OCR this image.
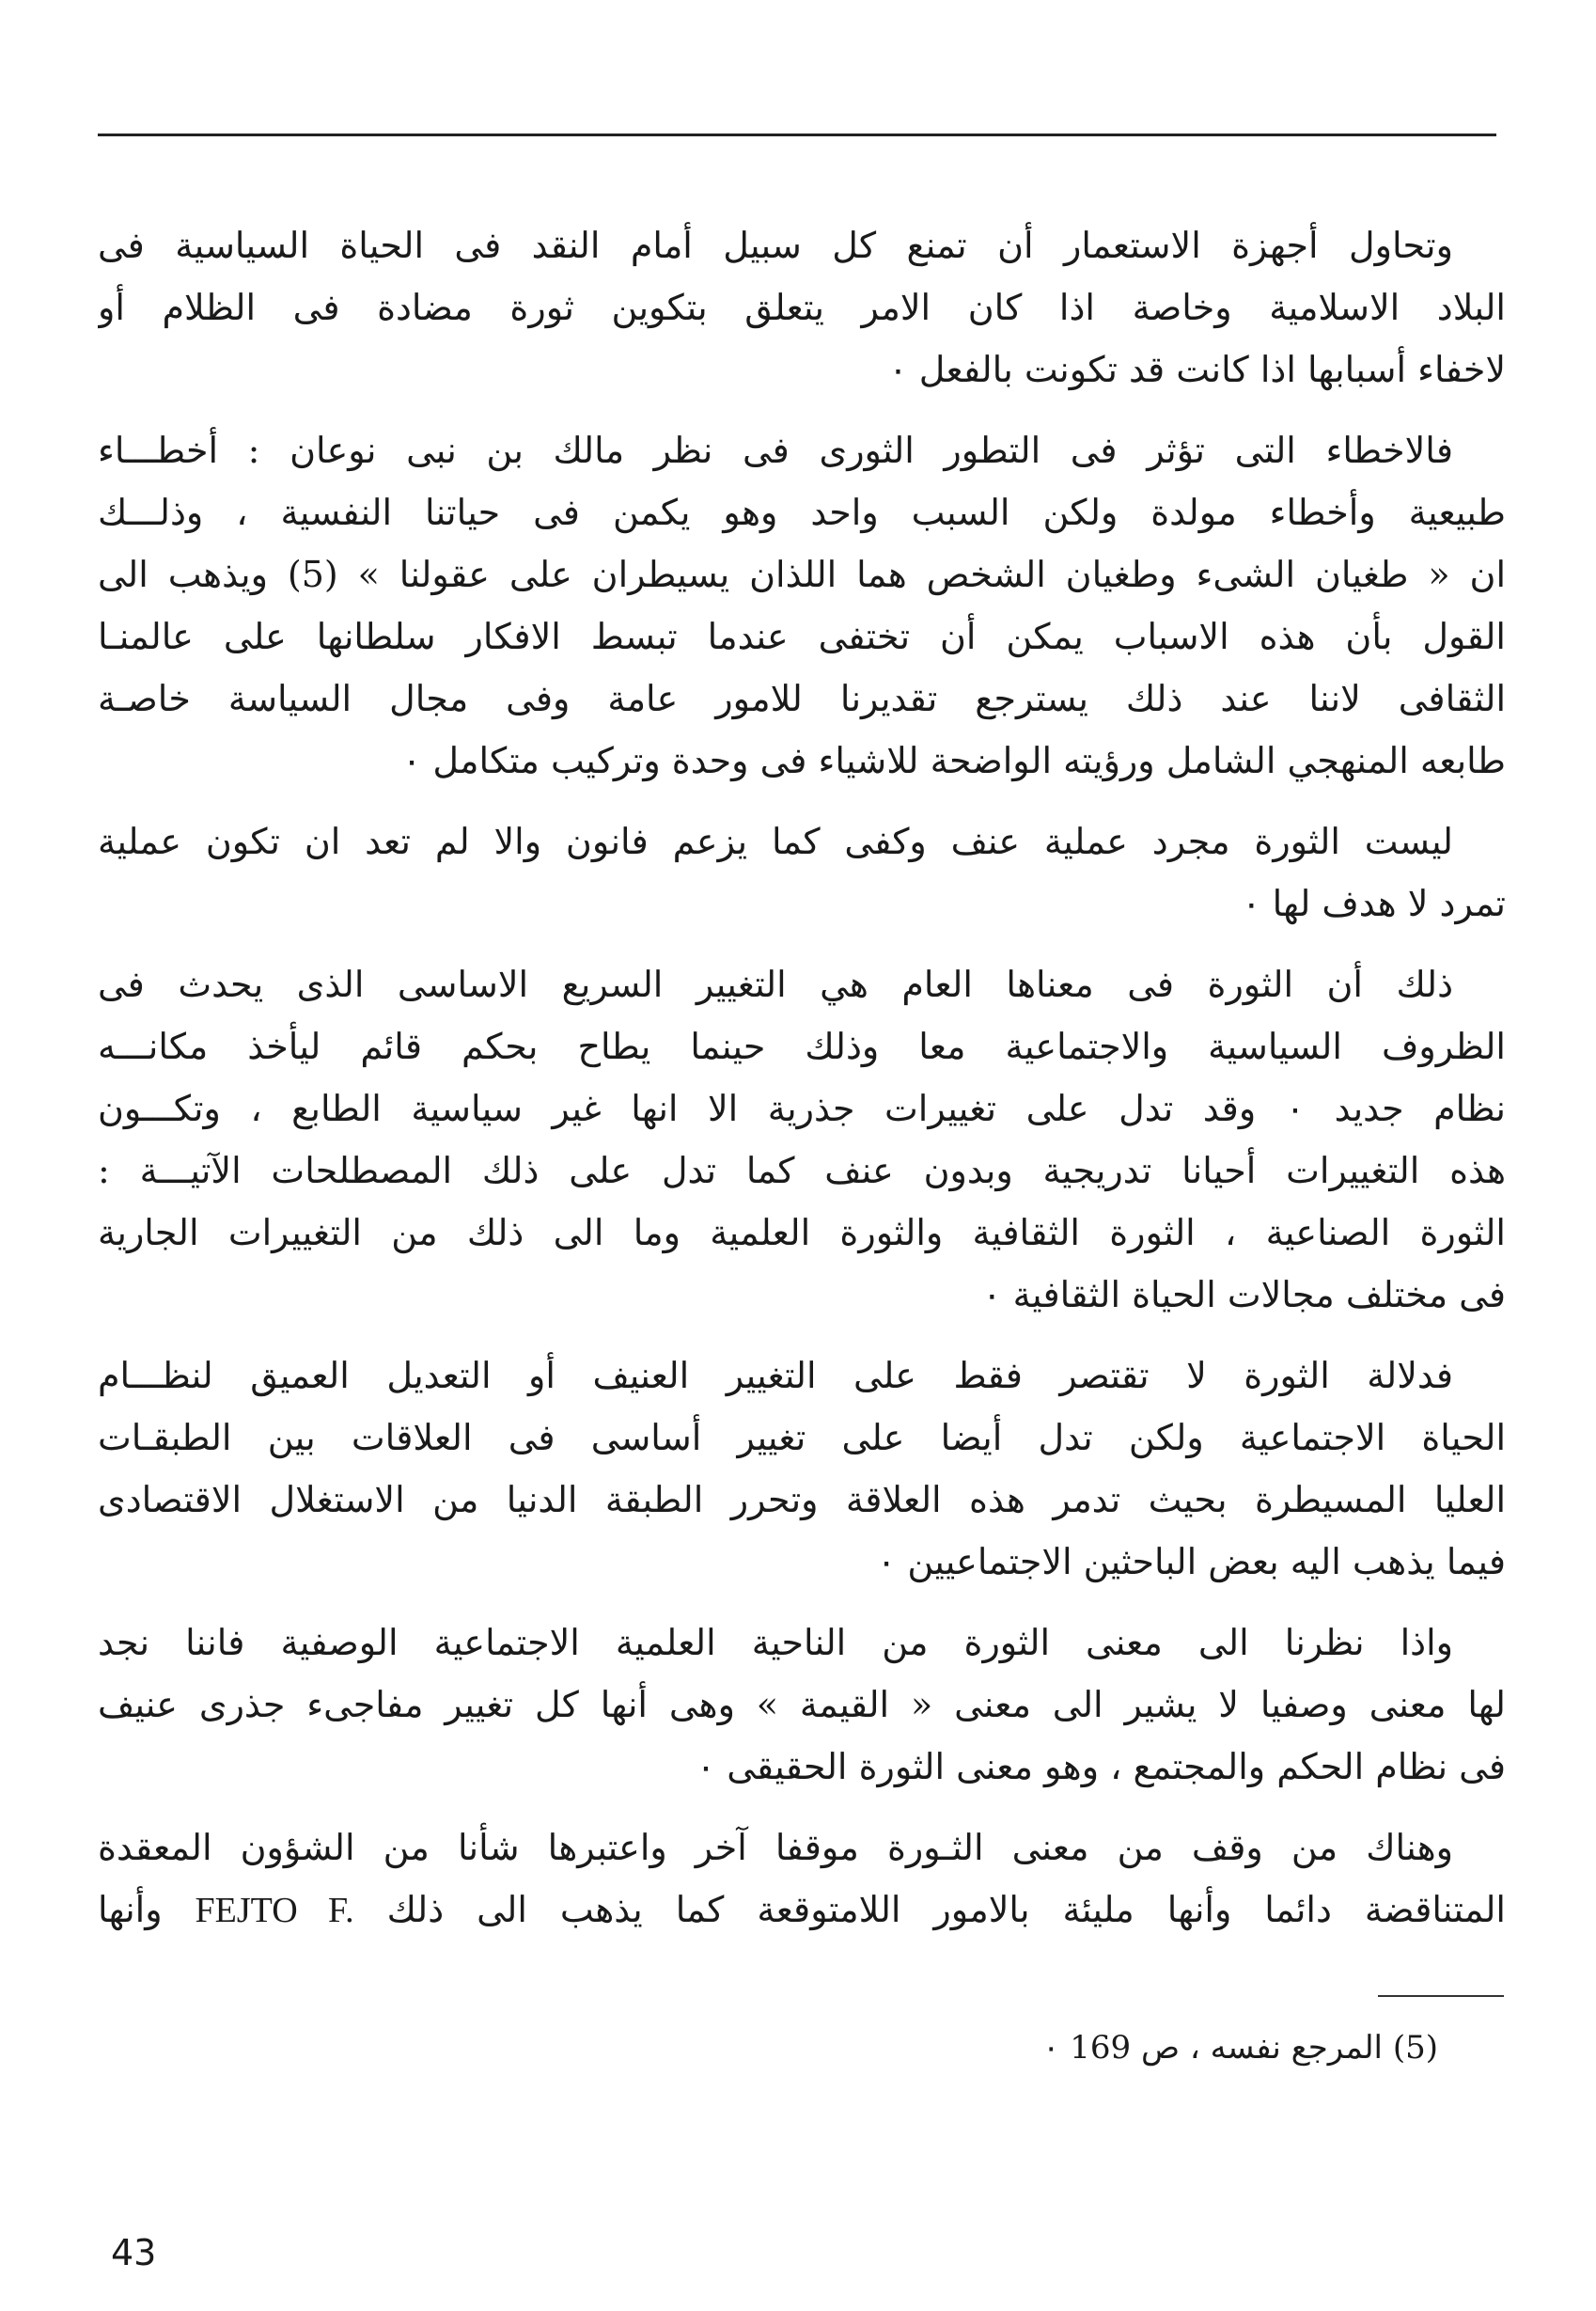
وتحاول أجهزة الاستعمار أن تمنع كل سبيل أمام النقد فى الحياة السياسية فى
البلاد الاسلامية وخاصة اذا كان الامر يتعلق بتكوين ثورة مضادة فى الظلام أو
لاخفاء أسبابها اذا كانت قد تكونت بالفعل ٠

فالاخطاء التى تؤثر فى التطور الثورى فى نظر مالك بن نبى نوعان : أخطـــاء
طبيعية وأخطاء مولدة ولكن السبب واحد وهو يكمن فى حياتنا النفسية ، وذلـــك
ان « طغيان الشىء وطغيان الشخص هما اللذان يسيطران على عقولنا » (5) ويذهب الى
القول بأن هذه الاسباب يمكن أن تختفى عندما تبسط الافكار سلطانها على عالمنـا
الثقافى لاننا عند ذلك يسترجع تقديرنا للامور عامة وفى مجال السياسة خاصـة
طابعه المنهجي الشامل ورؤيته الواضحة للاشياء فى وحدة وتركيب متكامل ٠

ليست الثورة مجرد عملية عنف وكفى كما يزعم فانون والا لم تعد ان تكون عملية
تمرد لا هدف لها ٠

ذلك أن الثورة فى معناها العام هي التغيير السريع الاساسى الذى يحدث فى
الظروف السياسية والاجتماعية معا وذلك حينما يطاح بحكم قائم ليأخذ مكانـــه
نظام جديد ٠ وقد تدل على تغييرات جذرية الا انها غير سياسية الطابع ، وتكـــون
هذه التغييرات أحيانا تدريجية وبدون عنف كما تدل على ذلك المصطلحات الآتيـــة :
الثورة الصناعية ، الثورة الثقافية والثورة العلمية وما الى ذلك من التغييرات الجارية
فى مختلف مجالات الحياة الثقافية ٠

فدلالة الثورة لا تقتصر فقط على التغيير العنيف أو التعديل العميق لنظـــام
الحياة الاجتماعية ولكن تدل أيضا على تغيير أساسى فى العلاقات بين الطبقـات
العليا المسيطرة بحيث تدمر هذه العلاقة وتحرر الطبقة الدنيا من الاستغلال الاقتصادى
فيما يذهب اليه بعض الباحثين الاجتماعيين ٠

واذا نظرنا الى معنى الثورة من الناحية العلمية الاجتماعية الوصفية فاننا نجد
لها معنى وصفيا لا يشير الى معنى « القيمة » وهى أنها كل تغيير مفاجىء جذرى عنيف
فى نظام الحكم والمجتمع ، وهو معنى الثورة الحقيقى ٠

وهناك من وقف من معنى الثـورة موقفا آخر واعتبرها شأنا من الشؤون المعقدة
المتناقضة دائما وأنها مليئة بالامور اللامتوقعة كما يذهب الى ذلك FEJTO F. وأنها

(5) المرجع نفسه ، ص 169 ٠
43
